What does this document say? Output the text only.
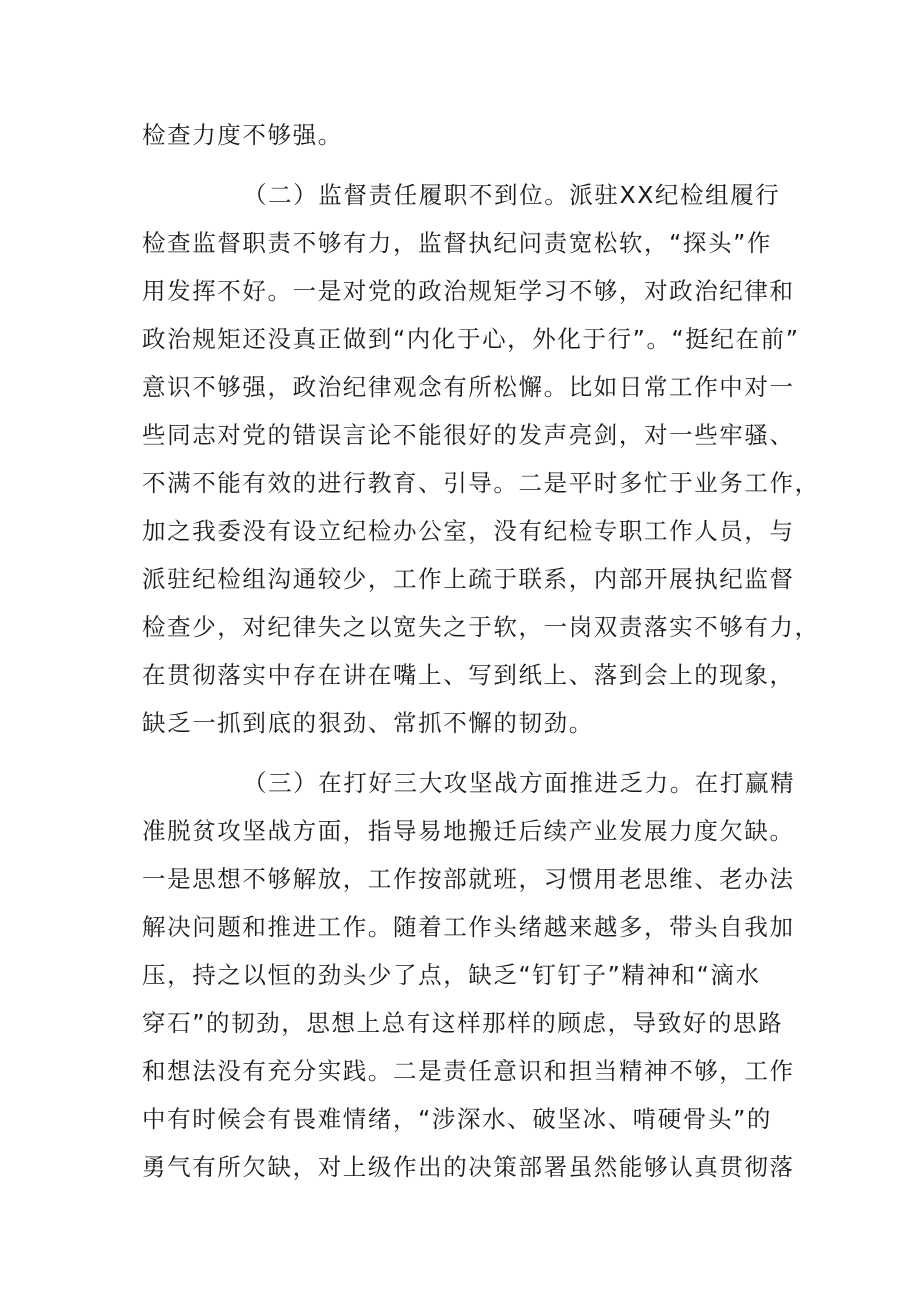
检查力度不够强。

（二）监督责任履职不到位。派驻XX纪检组履行

检查监督职责不够有力，监督执纪问责宽松软，“探头”作

用发挥不好。一是对党的政治规矩学习不够，对政治纪律和

政治规矩还没真正做到“内化于心，外化于行”。“挺纪在前”

意识不够强，政治纪律观念有所松懈。比如日常工作中对一

些同志对党的错误言论不能很好的发声亮剑，对一些牢骚、

不满不能有效的进行教育、引导。二是平时多忙于业务工作，

加之我委没有设立纪检办公室，没有纪检专职工作人员，与

派驻纪检组沟通较少，工作上疏于联系，内部开展执纪监督

检查少，对纪律失之以宽失之于软，一岗双责落实不够有力，

在贯彻落实中存在讲在嘴上、写到纸上、落到会上的现象，

缺乏一抓到底的狠劲、常抓不懈的韧劲。

（三）在打好三大攻坚战方面推进乏力。在打赢精

准脱贫攻坚战方面，指导易地搬迁后续产业发展力度欠缺。

一是思想不够解放，工作按部就班，习惯用老思维、老办法

解决问题和推进工作。随着工作头绪越来越多，带头自我加

压，持之以恒的劲头少了点，缺乏“钉钉子”精神和“滴水

穿石”的韧劲，思想上总有这样那样的顾虑，导致好的思路

和想法没有充分实践。二是责任意识和担当精神不够，工作

中有时候会有畏难情绪，“涉深水、破坚冰、啃硬骨头”的

勇气有所欠缺，对上级作出的决策部署虽然能够认真贯彻落
